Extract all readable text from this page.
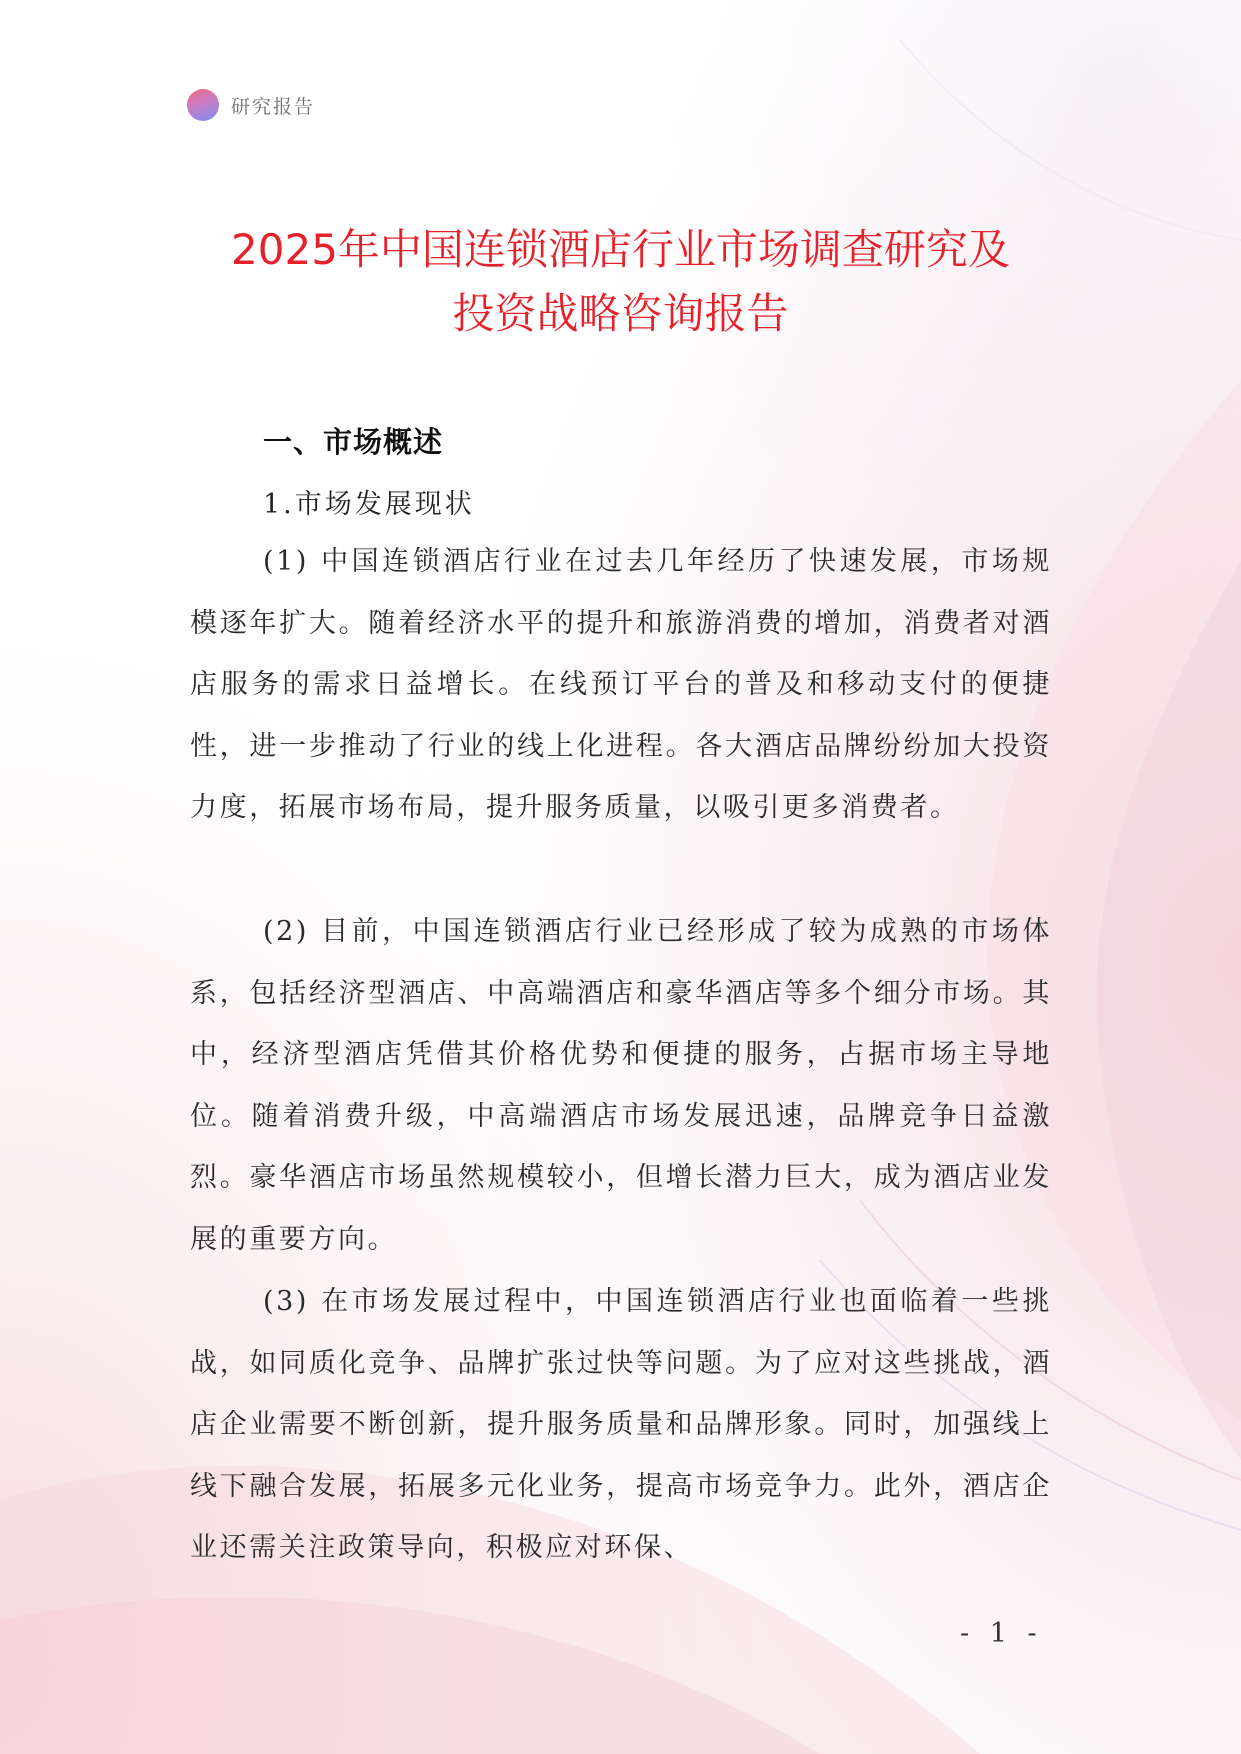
研究报告
2025年中国连锁酒店行业市场调查研究及
投资战略咨询报告
一、市场概述
1.市场发展现状
(1) 中国连锁酒店行业在过去几年经历了快速发展，市场规模逐年扩大。随着经济水平的提升和旅游消费的增加，消费者对酒店服务的需求日益增长。在线预订平台的普及和移动支付的便捷性，进一步推动了行业的线上化进程。各大酒店品牌纷纷加大投资力度，拓展市场布局，提升服务质量，以吸引更多消费者。
(2) 目前，中国连锁酒店行业已经形成了较为成熟的市场体系，包括经济型酒店、中高端酒店和豪华酒店等多个细分市场。其中，经济型酒店凭借其价格优势和便捷的服务，占据市场主导地位。随着消费升级，中高端酒店市场发展迅速，品牌竞争日益激烈。豪华酒店市场虽然规模较小，但增长潜力巨大，成为酒店业发展的重要方向。
(3) 在市场发展过程中，中国连锁酒店行业也面临着一些挑战，如同质化竞争、品牌扩张过快等问题。为了应对这些挑战，酒店企业需要不断创新，提升服务质量和品牌形象。同时，加强线上线下融合发展，拓展多元化业务，提高市场竞争力。此外，酒店企业还需关注政策导向，积极应对环保、
- 1 -
